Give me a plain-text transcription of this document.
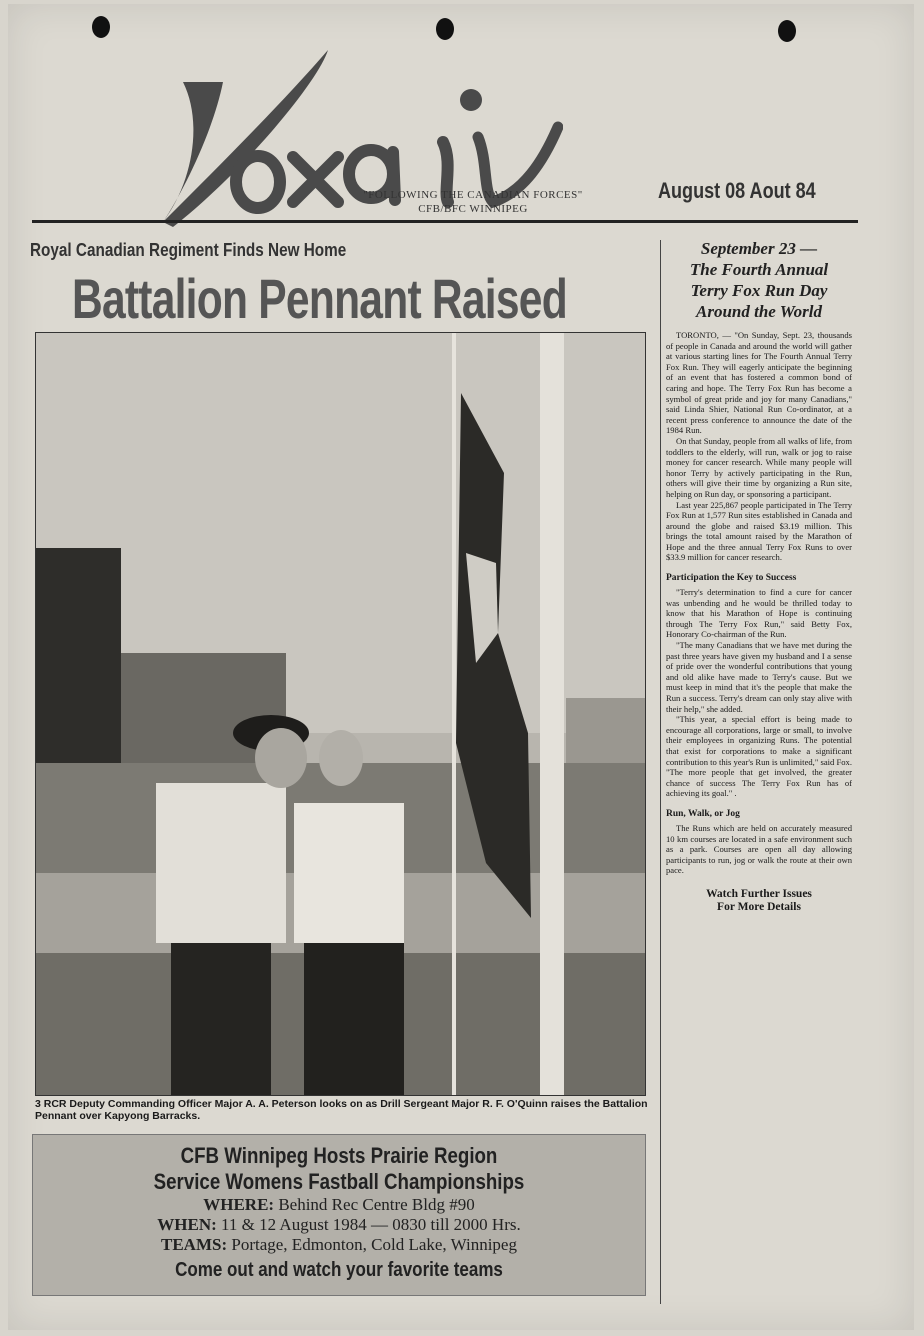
"FOLLOWING THE CANADIAN FORCES"
CFB/BFC WINNIPEG
August 08 Aout 84
Royal Canadian Regiment Finds New Home
Battalion Pennant Raised
3 RCR Deputy Commanding Officer Major A. A. Peterson looks on as Drill Sergeant Major R. F. O'Quinn raises the Battalion Pennant over Kapyong Barracks.
CFB Winnipeg Hosts Prairie Region
Service Womens Fastball Championships
WHERE: Behind Rec Centre Bldg #90
WHEN: 11 & 12 August 1984 — 0830 till 2000 Hrs.
TEAMS: Portage, Edmonton, Cold Lake, Winnipeg
Come out and watch your favorite teams
September 23 —
The Fourth Annual
Terry Fox Run Day
Around the World

TORONTO, — "On Sunday, Sept. 23, thousands of people in Canada and around the world will gather at various starting lines for The Fourth Annual Terry Fox Run. They will eagerly anticipate the beginning of an event that has fostered a common bond of caring and hope. The Terry Fox Run has become a symbol of great pride and joy for many Canadians," said Linda Shier, National Run Co-ordinator, at a recent press conference to announce the date of the 1984 Run.

On that Sunday, people from all walks of life, from toddlers to the elderly, will run, walk or jog to raise money for cancer research. While many people will honor Terry by actively participating in the Run, others will give their time by organizing a Run site, helping on Run day, or sponsoring a participant.

Last year 225,867 people participated in The Terry Fox Run at 1,577 Run sites established in Canada and around the globe and raised $3.19 million. This brings the total amount raised by the Marathon of Hope and the three annual Terry Fox Runs to over $33.9 million for cancer research.

Participation the Key to Success

"Terry's determination to find a cure for cancer was unbending and he would be thrilled today to know that his Marathon of Hope is continuing through The Terry Fox Run," said Betty Fox, Honorary Co-chairman of the Run.

"The many Canadians that we have met during the past three years have given my husband and I a sense of pride over the wonderful contributions that young and old alike have made to Terry's cause. But we must keep in mind that it's the people that make the Run a success. Terry's dream can only stay alive with their help," she added.

"This year, a special effort is being made to encourage all corporations, large or small, to involve their employees in organizing Runs. The potential that exist for corporations to make a significant contribution to this year's Run is unlimited," said Fox. "The more people that get involved, the greater chance of success The Terry Fox Run has of achieving its goal." .

Run, Walk, or Jog

The Runs which are held on accurately measured 10 km courses are located in a safe environment such as a park. Courses are open all day allowing participants to run, jog or walk the route at their own pace.

Watch Further Issues
For More Details
